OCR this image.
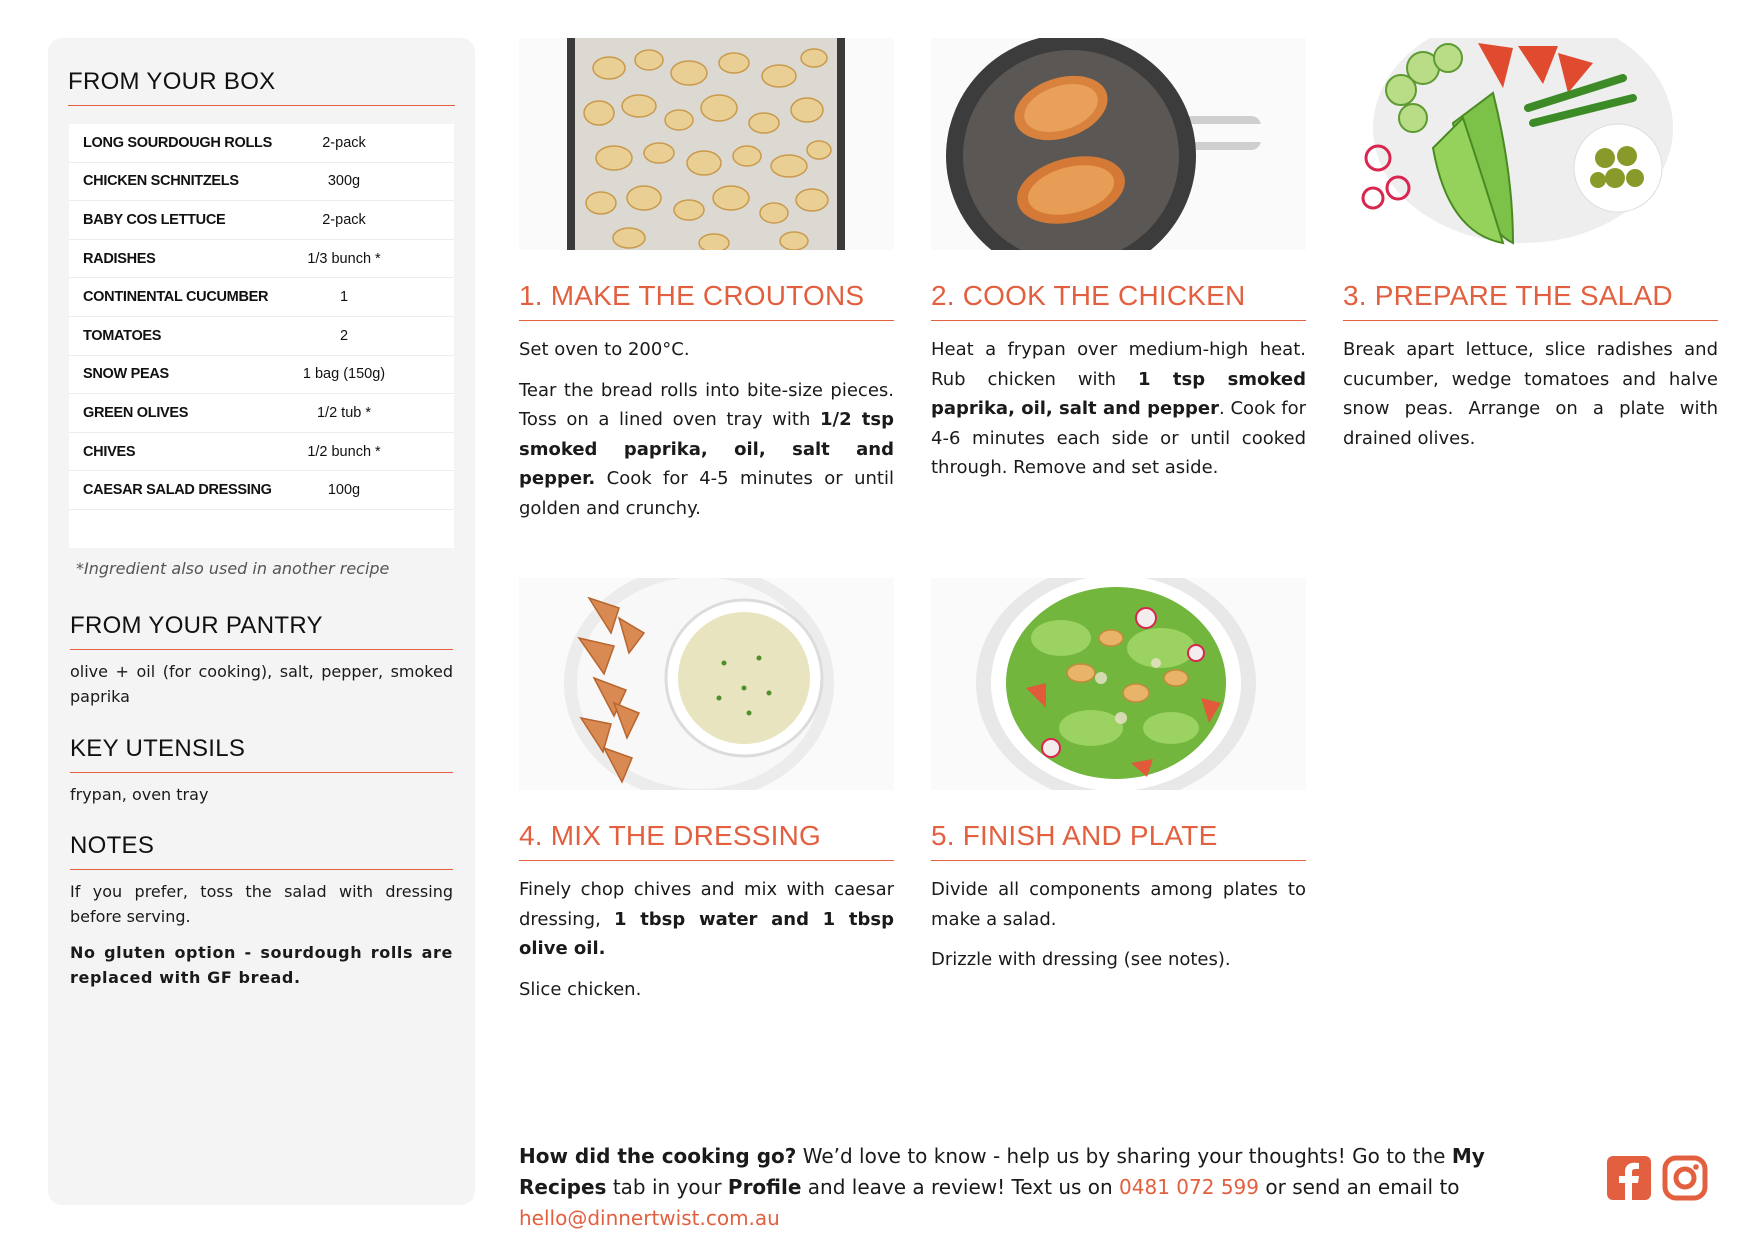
FROM YOUR BOX
LONG SOURDOUGH ROLLS	2-pack
CHICKEN SCHNITZELS	300g
BABY COS LETTUCE	2-pack
RADISHES	1/3 bunch *
CONTINENTAL CUCUMBER	1
TOMATOES	2
SNOW PEAS	1 bag (150g)
GREEN OLIVES	1/2 tub *
CHIVES	1/2 bunch *
CAESAR SALAD DRESSING	100g
*Ingredient also used in another recipe
FROM YOUR PANTRY
olive + oil (for cooking), salt, pepper, smoked paprika
KEY UTENSILS
frypan, oven tray
NOTES
If you prefer, toss the salad with dressing before serving.
No gluten option - sourdough rolls are replaced with GF bread.
1. MAKE THE CROUTONS

Set oven to 200°C.

Tear the bread rolls into bite-size pieces. Toss on a lined oven tray with 1/2 tsp smoked paprika, oil, salt and pepper. Cook for 4-5 minutes or until golden and crunchy.

2. COOK THE CHICKEN

Heat a frypan over medium-high heat. Rub chicken with 1 tsp smoked paprika, oil, salt and pepper. Cook for 4-6 minutes each side or until cooked through. Remove and set aside.

3. PREPARE THE SALAD

Break apart lettuce, slice radishes and cucumber, wedge tomatoes and halve snow peas. Arrange on a plate with drained olives.

4. MIX THE DRESSING

Finely chop chives and mix with caesar dressing, 1 tbsp water and 1 tbsp olive oil.

Slice chicken.

5. FINISH AND PLATE

Divide all components among plates to make a salad.

Drizzle with dressing (see notes).

How did the cooking go? We’d love to know - help us by sharing your thoughts! Go to the My Recipes tab in your Profile and leave a review! Text us on 0481 072 599 or send an email to hello@dinnertwist.com.au
